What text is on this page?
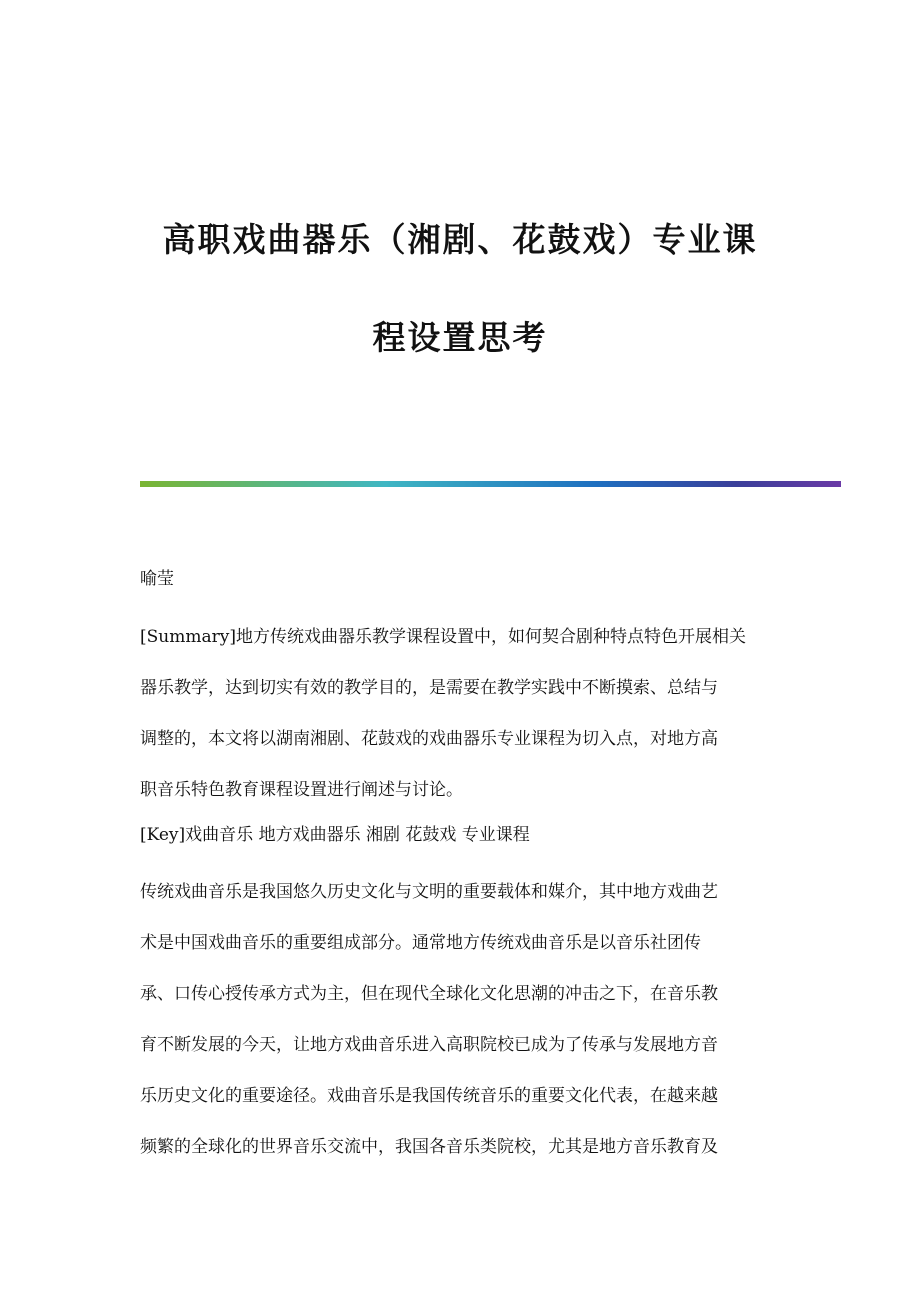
高职戏曲器乐（湘剧、花鼓戏）专业课
程设置思考

喻莹

[Summary]地方传统戏曲器乐教学课程设置中，如何契合剧种特点特色开展相关
器乐教学，达到切实有效的教学目的，是需要在教学实践中不断摸索、总结与
调整的，本文将以湖南湘剧、花鼓戏的戏曲器乐专业课程为切入点，对地方高
职音乐特色教育课程设置进行阐述与讨论。

[Key]戏曲音乐 地方戏曲器乐 湘剧 花鼓戏 专业课程

传统戏曲音乐是我国悠久历史文化与文明的重要载体和媒介，其中地方戏曲艺
术是中国戏曲音乐的重要组成部分。通常地方传统戏曲音乐是以音乐社团传
承、口传心授传承方式为主，但在现代全球化文化思潮的冲击之下，在音乐教
育不断发展的今天，让地方戏曲音乐进入高职院校已成为了传承与发展地方音
乐历史文化的重要途径。戏曲音乐是我国传统音乐的重要文化代表，在越来越
频繁的全球化的世界音乐交流中，我国各音乐类院校，尤其是地方音乐教育及
